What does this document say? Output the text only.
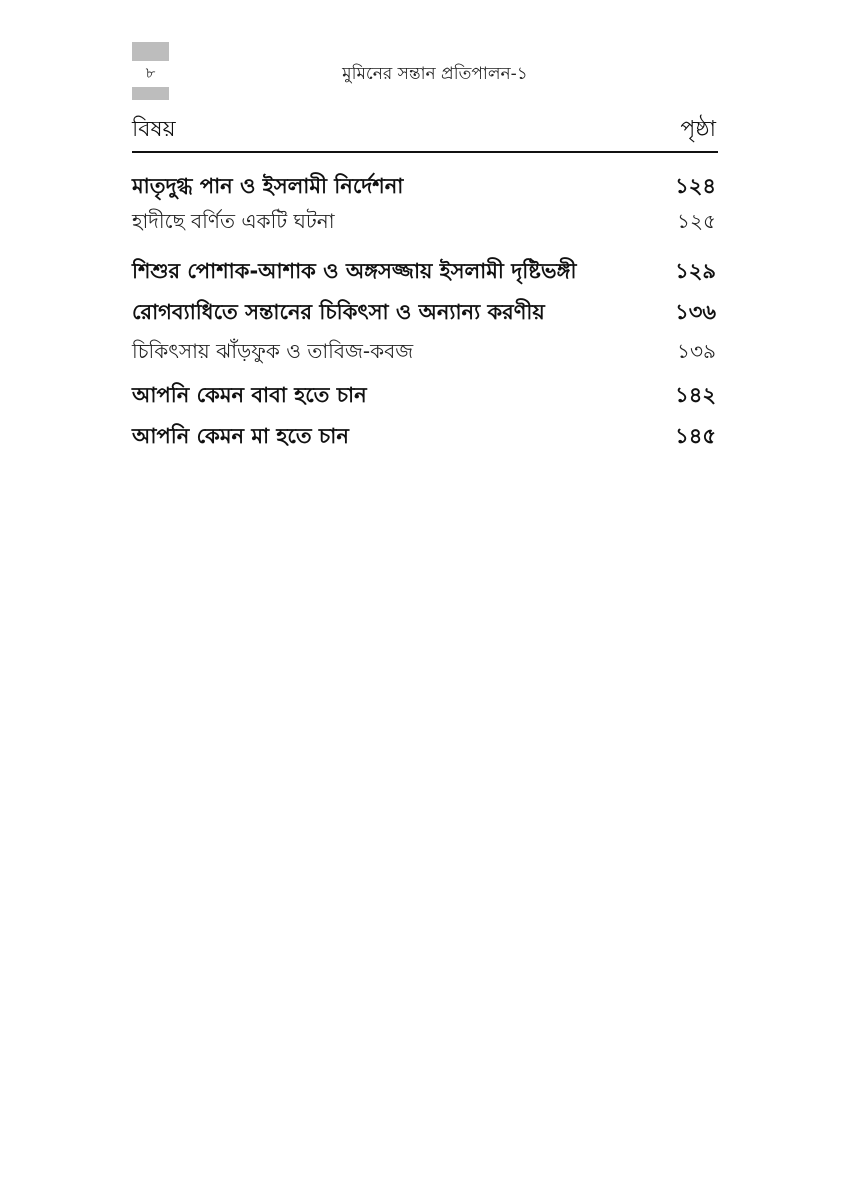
৮	মুমিনের সন্তান প্রতিপালন-১
বিষয়	পৃষ্ঠা
মাতৃদুগ্ধ পান ও ইসলামী নির্দেশনা	১২৪
হাদীছে বর্ণিত একটি ঘটনা	১২৫
শিশুর পোশাক-আশাক ও অঙ্গসজ্জায় ইসলামী দৃষ্টিভঙ্গী	১২৯
রোগব্যাধিতে সন্তানের চিকিৎসা ও অন্যান্য করণীয়	১৩৬
চিকিৎসায় ঝাঁড়ফুক ও তাবিজ-কবজ	১৩৯
আপনি কেমন বাবা হতে চান	১৪২
আপনি কেমন মা হতে চান	১৪৫
